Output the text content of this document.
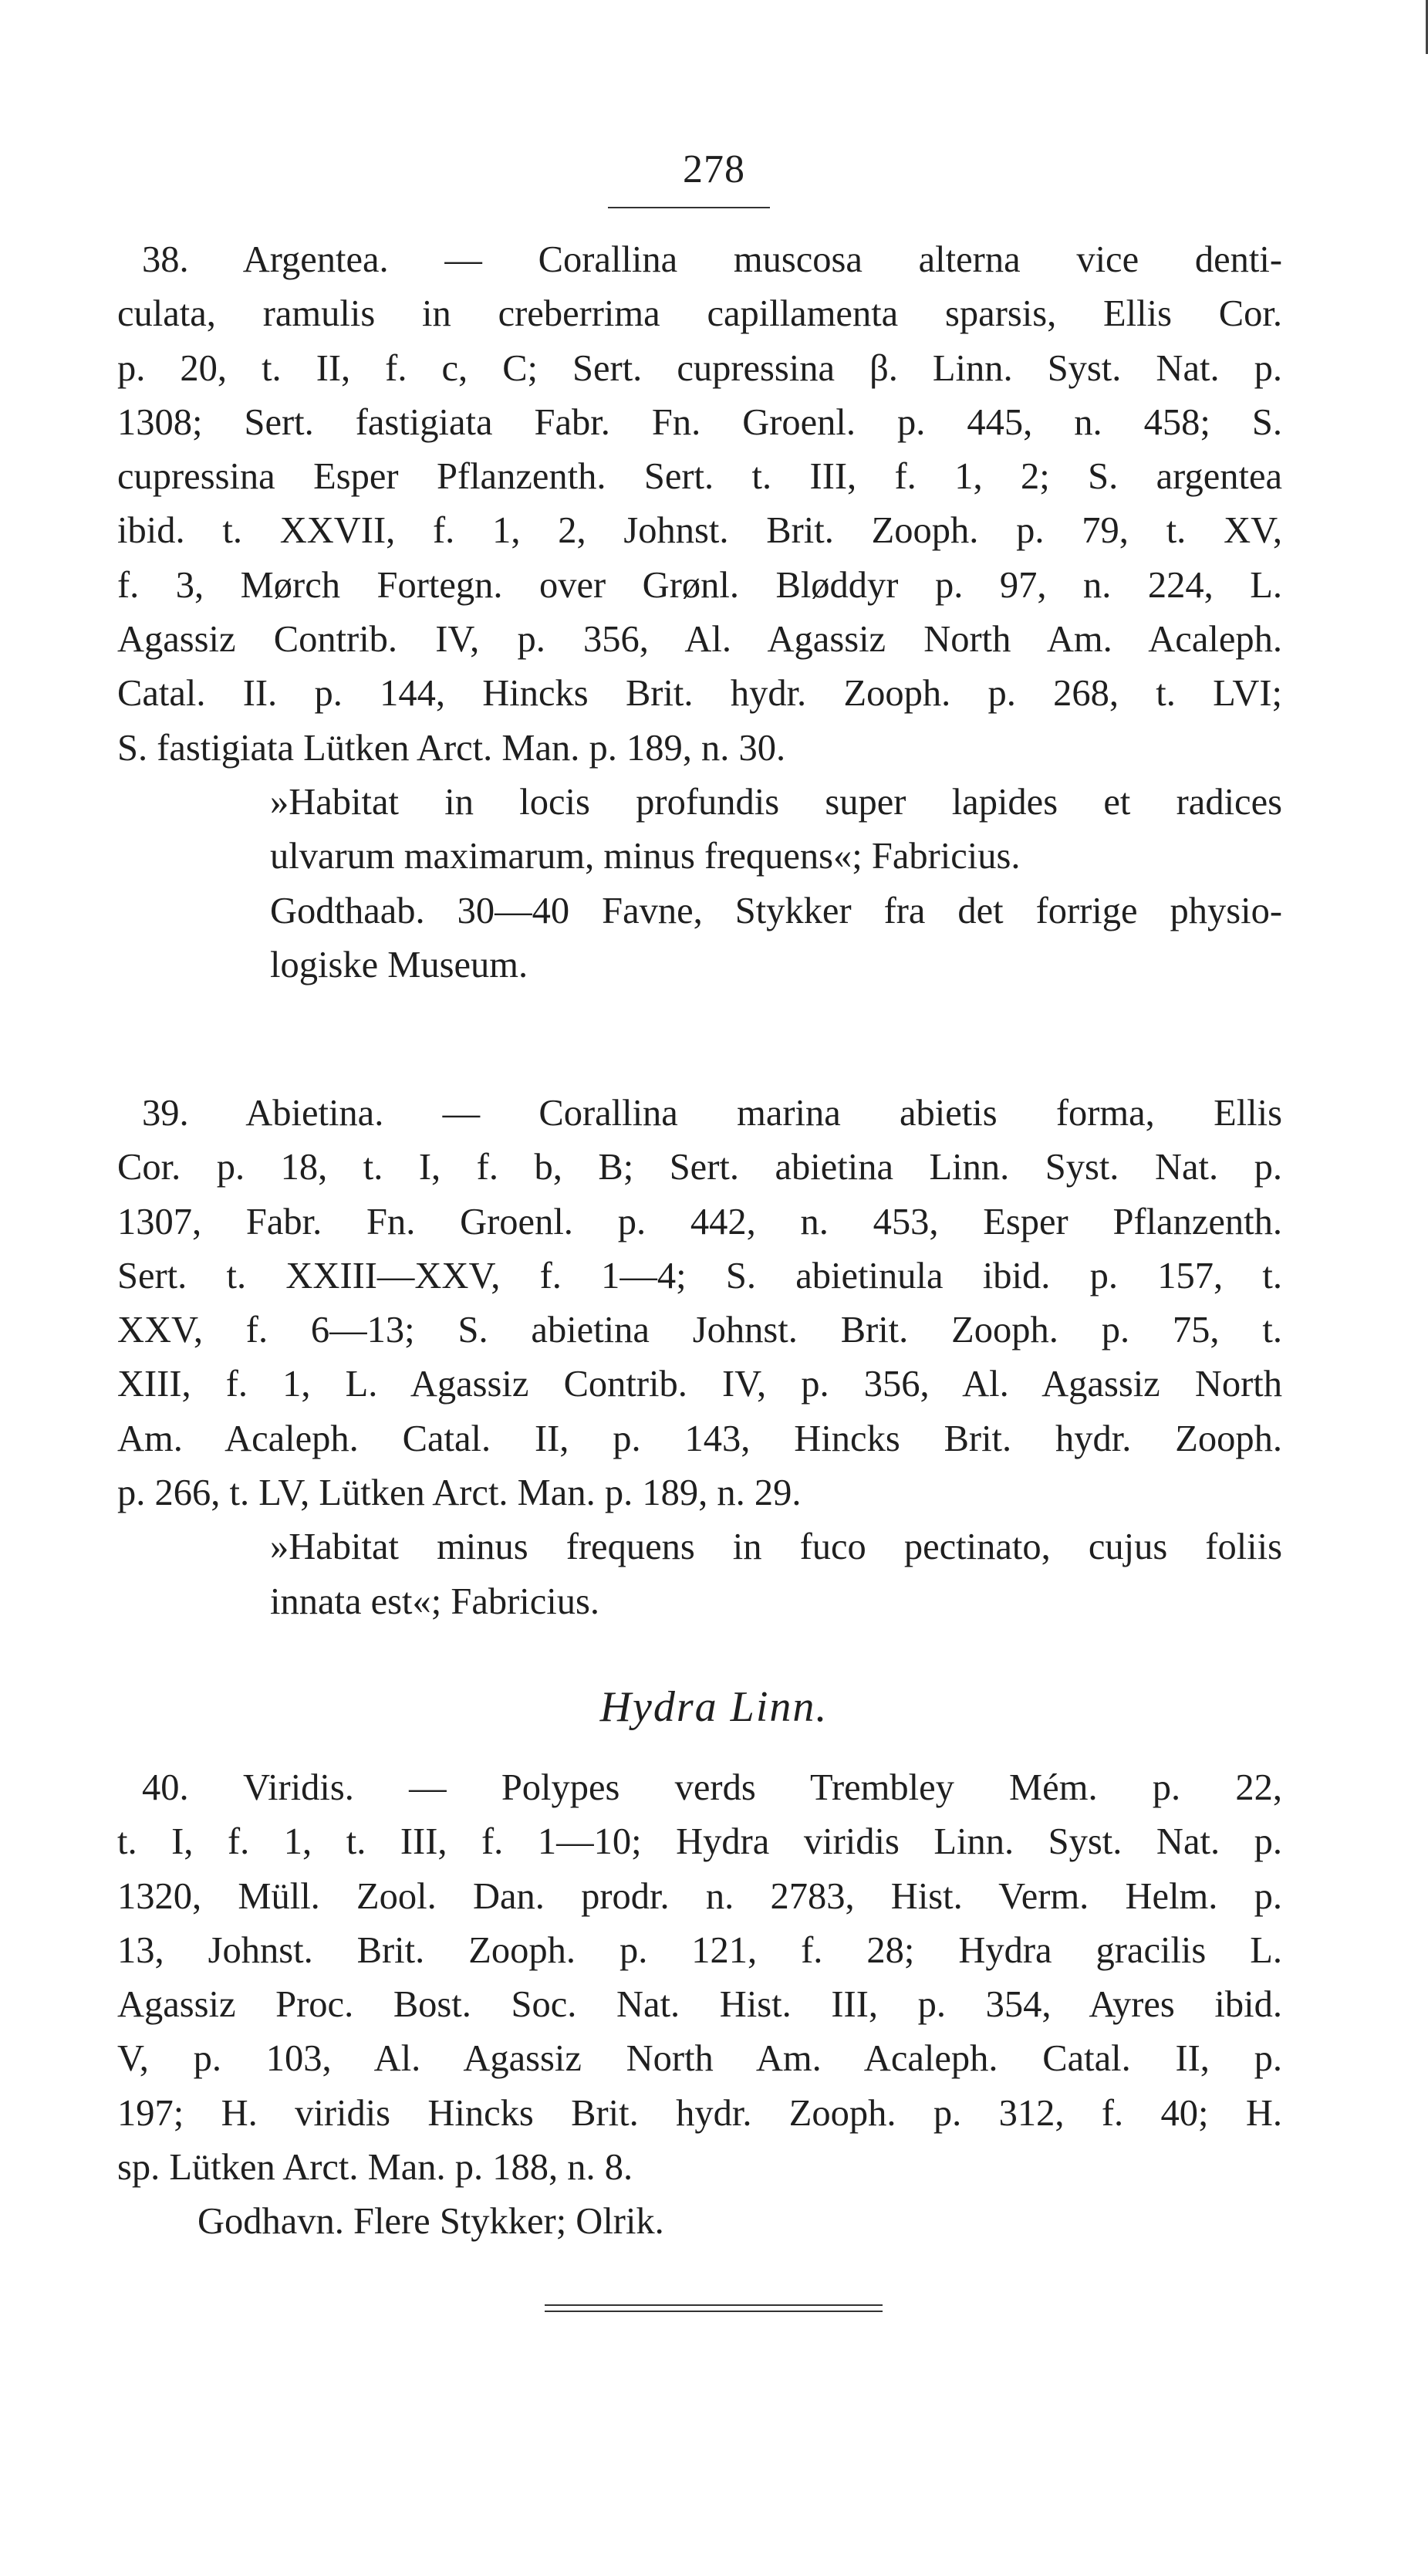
278
38. Argentea. — Corallina muscosa alterna vice denti-
culata, ramulis in creberrima capillamenta sparsis, Ellis Cor.
p. 20, t. II, f. c, C; Sert. cupressina β. Linn. Syst. Nat. p.
1308; Sert. fastigiata Fabr. Fn. Groenl. p. 445, n. 458; S.
cupressina Esper Pflanzenth. Sert. t. III, f. 1, 2; S. argentea
ibid. t. XXVII, f. 1, 2, Johnst. Brit. Zooph. p. 79, t. XV,
f. 3, Mørch Fortegn. over Grønl. Bløddyr p. 97, n. 224, L.
Agassiz Contrib. IV, p. 356, Al. Agassiz North Am. Acaleph.
Catal. II. p. 144, Hincks Brit. hydr. Zooph. p. 268, t. LVI;
S. fastigiata Lütken Arct. Man. p. 189, n. 30.
»Habitat in locis profundis super lapides et radices
ulvarum maximarum, minus frequens«; Fabricius.
Godthaab. 30—40 Favne, Stykker fra det forrige physio-
logiske Museum.
39. Abietina. — Corallina marina abietis forma, Ellis
Cor. p. 18, t. I, f. b, B; Sert. abietina Linn. Syst. Nat. p.
1307, Fabr. Fn. Groenl. p. 442, n. 453, Esper Pflanzenth.
Sert. t. XXIII—XXV, f. 1—4; S. abietinula ibid. p. 157, t.
XXV, f. 6—13; S. abietina Johnst. Brit. Zooph. p. 75, t.
XIII, f. 1, L. Agassiz Contrib. IV, p. 356, Al. Agassiz North
Am. Acaleph. Catal. II, p. 143, Hincks Brit. hydr. Zooph.
p. 266, t. LV, Lütken Arct. Man. p. 189, n. 29.
»Habitat minus frequens in fuco pectinato, cujus foliis
innata est«; Fabricius.
Hydra Linn.
40. Viridis. — Polypes verds Trembley Mém. p. 22,
t. I, f. 1, t. III, f. 1—10; Hydra viridis Linn. Syst. Nat. p.
1320, Müll. Zool. Dan. prodr. n. 2783, Hist. Verm. Helm. p.
13, Johnst. Brit. Zooph. p. 121, f. 28; Hydra gracilis L.
Agassiz Proc. Bost. Soc. Nat. Hist. III, p. 354, Ayres ibid.
V, p. 103, Al. Agassiz North Am. Acaleph. Catal. II, p.
197; H. viridis Hincks Brit. hydr. Zooph. p. 312, f. 40; H.
sp. Lütken Arct. Man. p. 188, n. 8.
Godhavn. Flere Stykker; Olrik.
